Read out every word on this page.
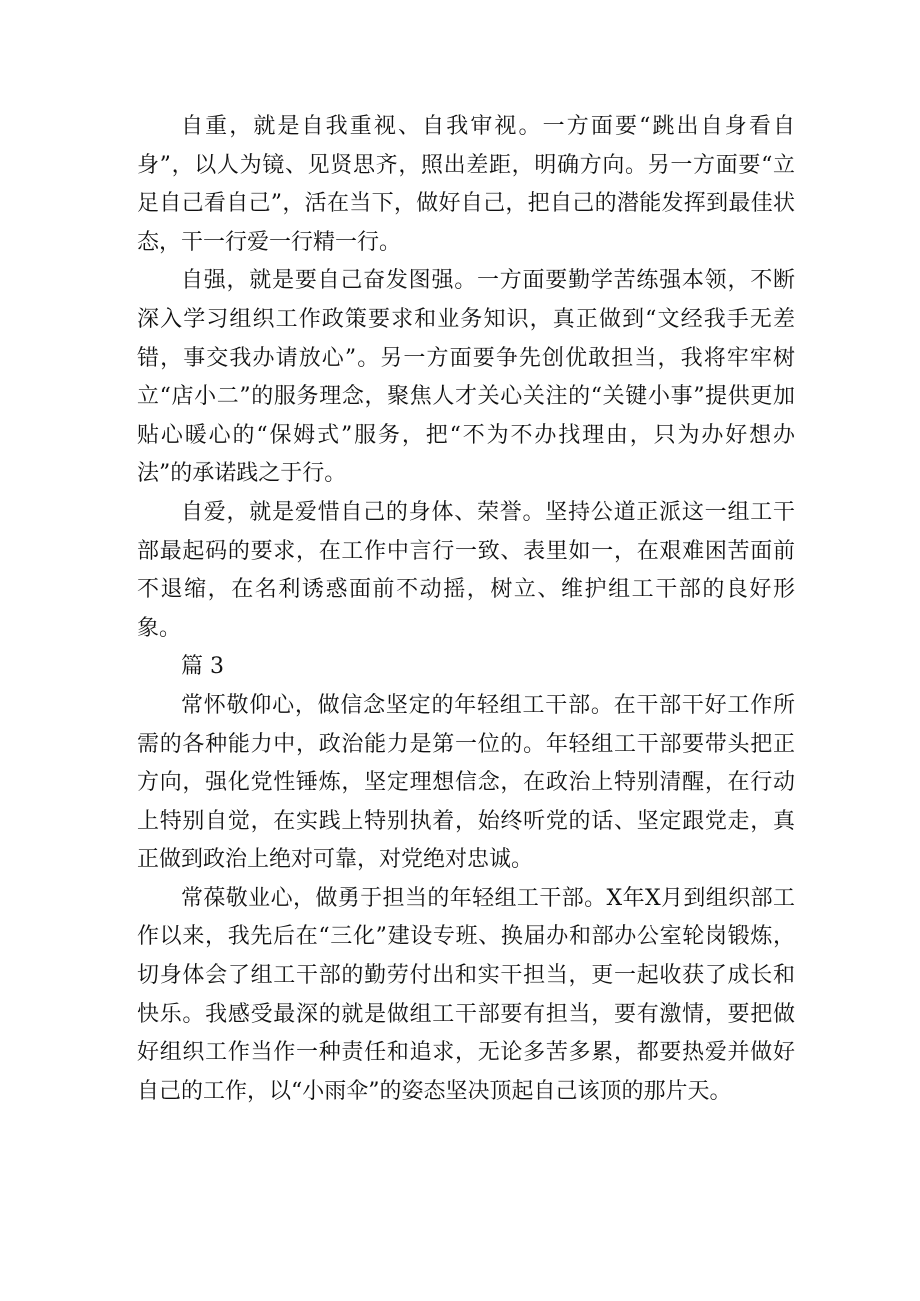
自重，就是自我重视、自我审视。一方面要“跳出自身看自身”，以人为镜、见贤思齐，照出差距，明确方向。另一方面要“立足自己看自己”，活在当下，做好自己，把自己的潜能发挥到最佳状态，干一行爱一行精一行。

自强，就是要自己奋发图强。一方面要勤学苦练强本领，不断深入学习组织工作政策要求和业务知识，真正做到“文经我手无差错，事交我办请放心”。另一方面要争先创优敢担当，我将牢牢树立“店小二”的服务理念，聚焦人才关心关注的“关键小事”提供更加贴心暖心的“保姆式”服务，把“不为不办找理由，只为办好想办法”的承诺践之于行。

自爱，就是爱惜自己的身体、荣誉。坚持公道正派这一组工干部最起码的要求，在工作中言行一致、表里如一，在艰难困苦面前不退缩，在名利诱惑面前不动摇，树立、维护组工干部的良好形象。

篇 3

常怀敬仰心，做信念坚定的年轻组工干部。在干部干好工作所需的各种能力中，政治能力是第一位的。年轻组工干部要带头把正方向，强化党性锤炼，坚定理想信念，在政治上特别清醒，在行动上特别自觉，在实践上特别执着，始终听党的话、坚定跟党走，真正做到政治上绝对可靠，对党绝对忠诚。

常葆敬业心，做勇于担当的年轻组工干部。X年X月到组织部工作以来，我先后在“三化”建设专班、换届办和部办公室轮岗锻炼，切身体会了组工干部的勤劳付出和实干担当，更一起收获了成长和快乐。我感受最深的就是做组工干部要有担当，要有激情，要把做好组织工作当作一种责任和追求，无论多苦多累，都要热爱并做好自己的工作，以“小雨伞”的姿态坚决顶起自己该顶的那片天。
